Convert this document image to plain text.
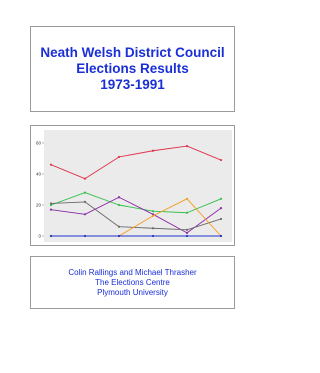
Neath Welsh District Council
Elections Results
1973-1991
0
20
40
60
Colin Rallings and Michael Thrasher
The Elections Centre
Plymouth University
